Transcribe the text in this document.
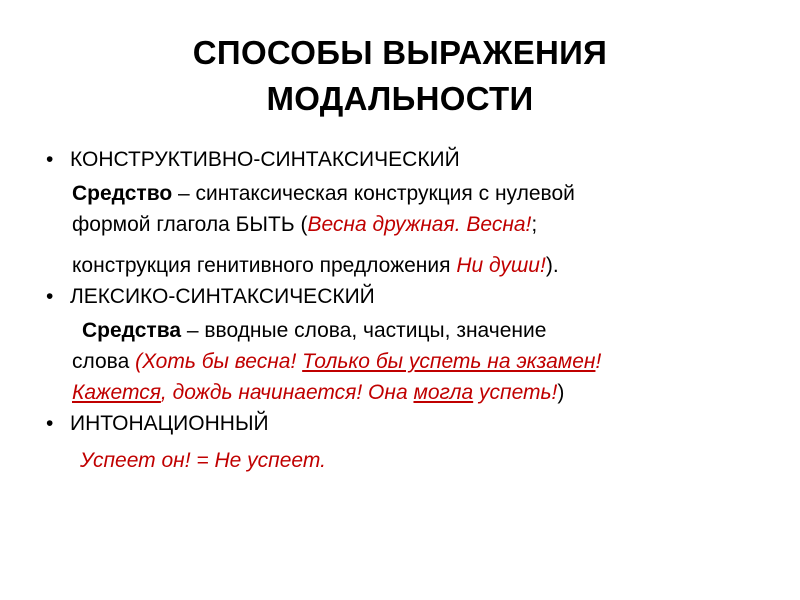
СПОСОБЫ ВЫРАЖЕНИЯ
МОДАЛЬНОСТИ
• КОНСТРУКТИВНО-СИНТАКСИЧЕСКИЙ
Средство – синтаксическая конструкция с нулевой
формой глагола БЫТЬ (Весна дружная. Весна!;
конструкция генитивного предложения Ни души!).
• ЛЕКСИКО-СИНТАКСИЧЕСКИЙ
Средства – вводные слова, частицы, значение
слова (Хоть бы весна! Только бы успеть на экзамен!
Кажется, дождь начинается! Она могла успеть!)
• ИНТОНАЦИОННЫЙ
Успеет он! = Не успеет.
